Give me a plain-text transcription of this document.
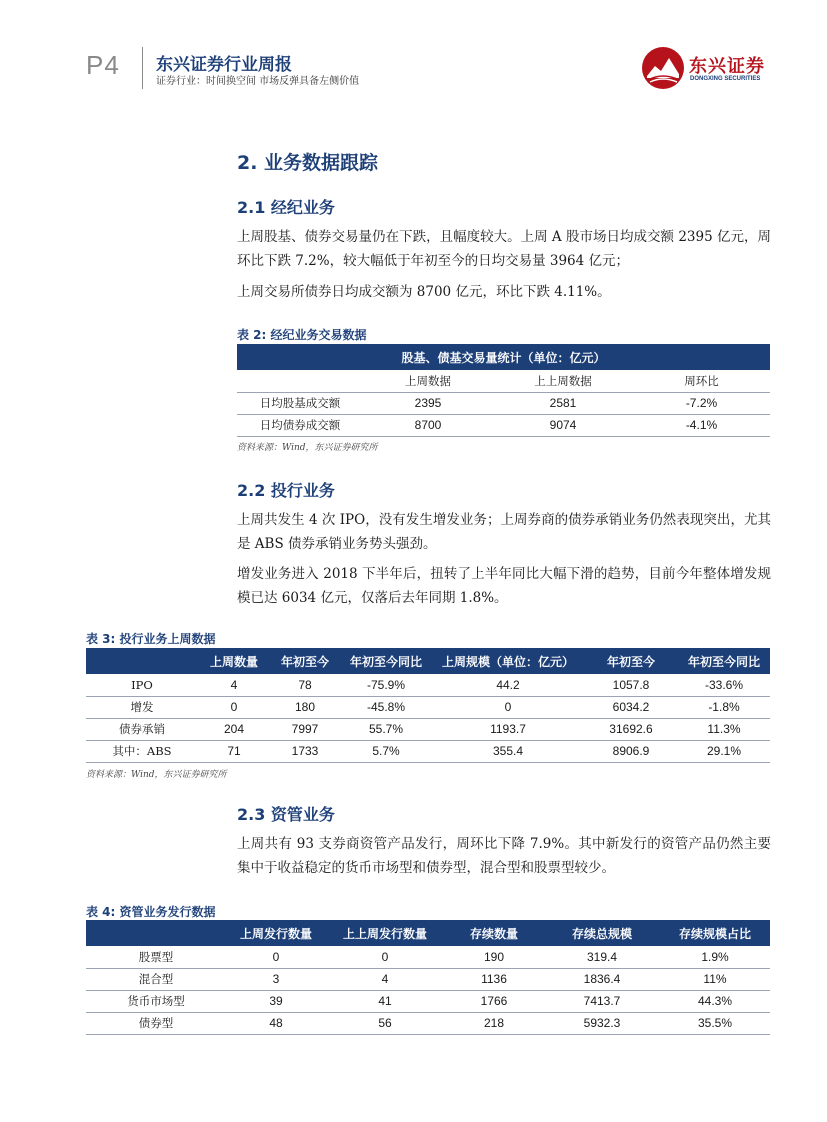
P4 东兴证券行业周报
证券行业：时间换空间 市场反弹具备左侧价值
东兴证券
DONGXING SECURITIES
2. 业务数据跟踪
2.1 经纪业务
上周股基、债券交易量仍在下跌，且幅度较大。上周 A 股市场日均成交额 2395 亿元，周环比下跌 7.2%，较大幅低于年初至今的日均交易量 3964 亿元；
上周交易所债券日均成交额为 8700 亿元，环比下跌 4.11%。
表 2: 经纪业务交易数据
股基、债基交易量统计（单位：亿元）			
	上周数据	上上周数据	周环比
日均股基成交额	2395	2581	-7.2%
日均债券成交额	8700	9074	-4.1%
资料来源：Wind，东兴证券研究所
2.2 投行业务
上周共发生 4 次 IPO，没有发生增发业务；上周券商的债券承销业务仍然表现突出，尤其是 ABS 债券承销业务势头强劲。
增发业务进入 2018 下半年后，扭转了上半年同比大幅下滑的趋势，目前今年整体增发规模已达 6034 亿元，仅落后去年同期 1.8%。
表 3: 投行业务上周数据
	上周数量	年初至今	年初至今同比	上周规模（单位：亿元）	年初至今	年初至今同比
IPO	4	78	-75.9%	44.2	1057.8	-33.6%
增发	0	180	-45.8%	0	6034.2	-1.8%
债券承销	204	7997	55.7%	1193.7	31692.6	11.3%
其中：ABS	71	1733	5.7%	355.4	8906.9	29.1%
资料来源：Wind，东兴证券研究所
2.3 资管业务
上周共有 93 支券商资管产品发行，周环比下降 7.9%。其中新发行的资管产品仍然主要集中于收益稳定的货币市场型和债券型，混合型和股票型较少。
表 4: 资管业务发行数据
	上周发行数量	上上周发行数量	存续数量	存续总规模	存续规模占比
股票型	0	0	190	319.4	1.9%
混合型	3	4	1136	1836.4	11%
货币市场型	39	41	1766	7413.7	44.3%
债券型	48	56	218	5932.3	35.5%
